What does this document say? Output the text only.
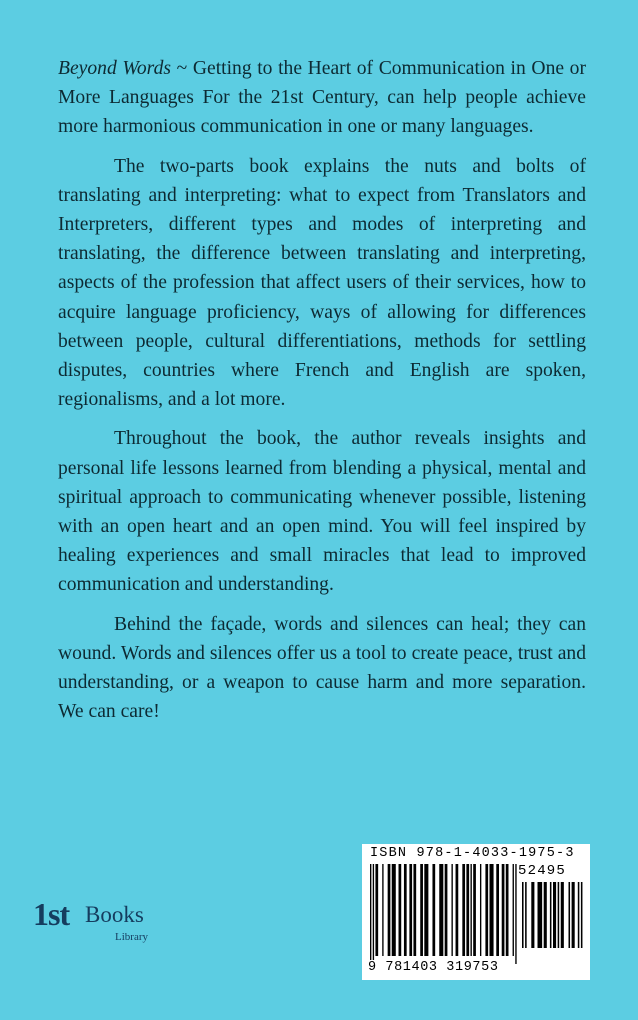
Beyond Words ~ Getting to the Heart of Communication in One or More Languages For the 21st Century, can help people achieve more harmonious communication in one or many languages.

The two-parts book explains the nuts and bolts of translating and interpreting: what to expect from Translators and Interpreters, different types and modes of interpreting and translating, the difference between translating and interpreting, aspects of the profession that affect users of their services, how to acquire language proficiency, ways of allowing for differences between people, cultural differentiations, methods for settling disputes, countries where French and English are spoken, regionalisms, and a lot more.

Throughout the book, the author reveals insights and personal life lessons learned from blending a physical, mental and spiritual approach to communicating whenever possible, listening with an open heart and an open mind. You will feel inspired by healing experiences and small miracles that lead to improved communication and understanding.

Behind the façade, words and silences can heal; they can wound. Words and silences offer us a tool to create peace, trust and understanding, or a weapon to cause harm and more separation. We can care!

1st Books
Library
ISBN 978-1-4033-1975-3
52495
9 781403 319753
